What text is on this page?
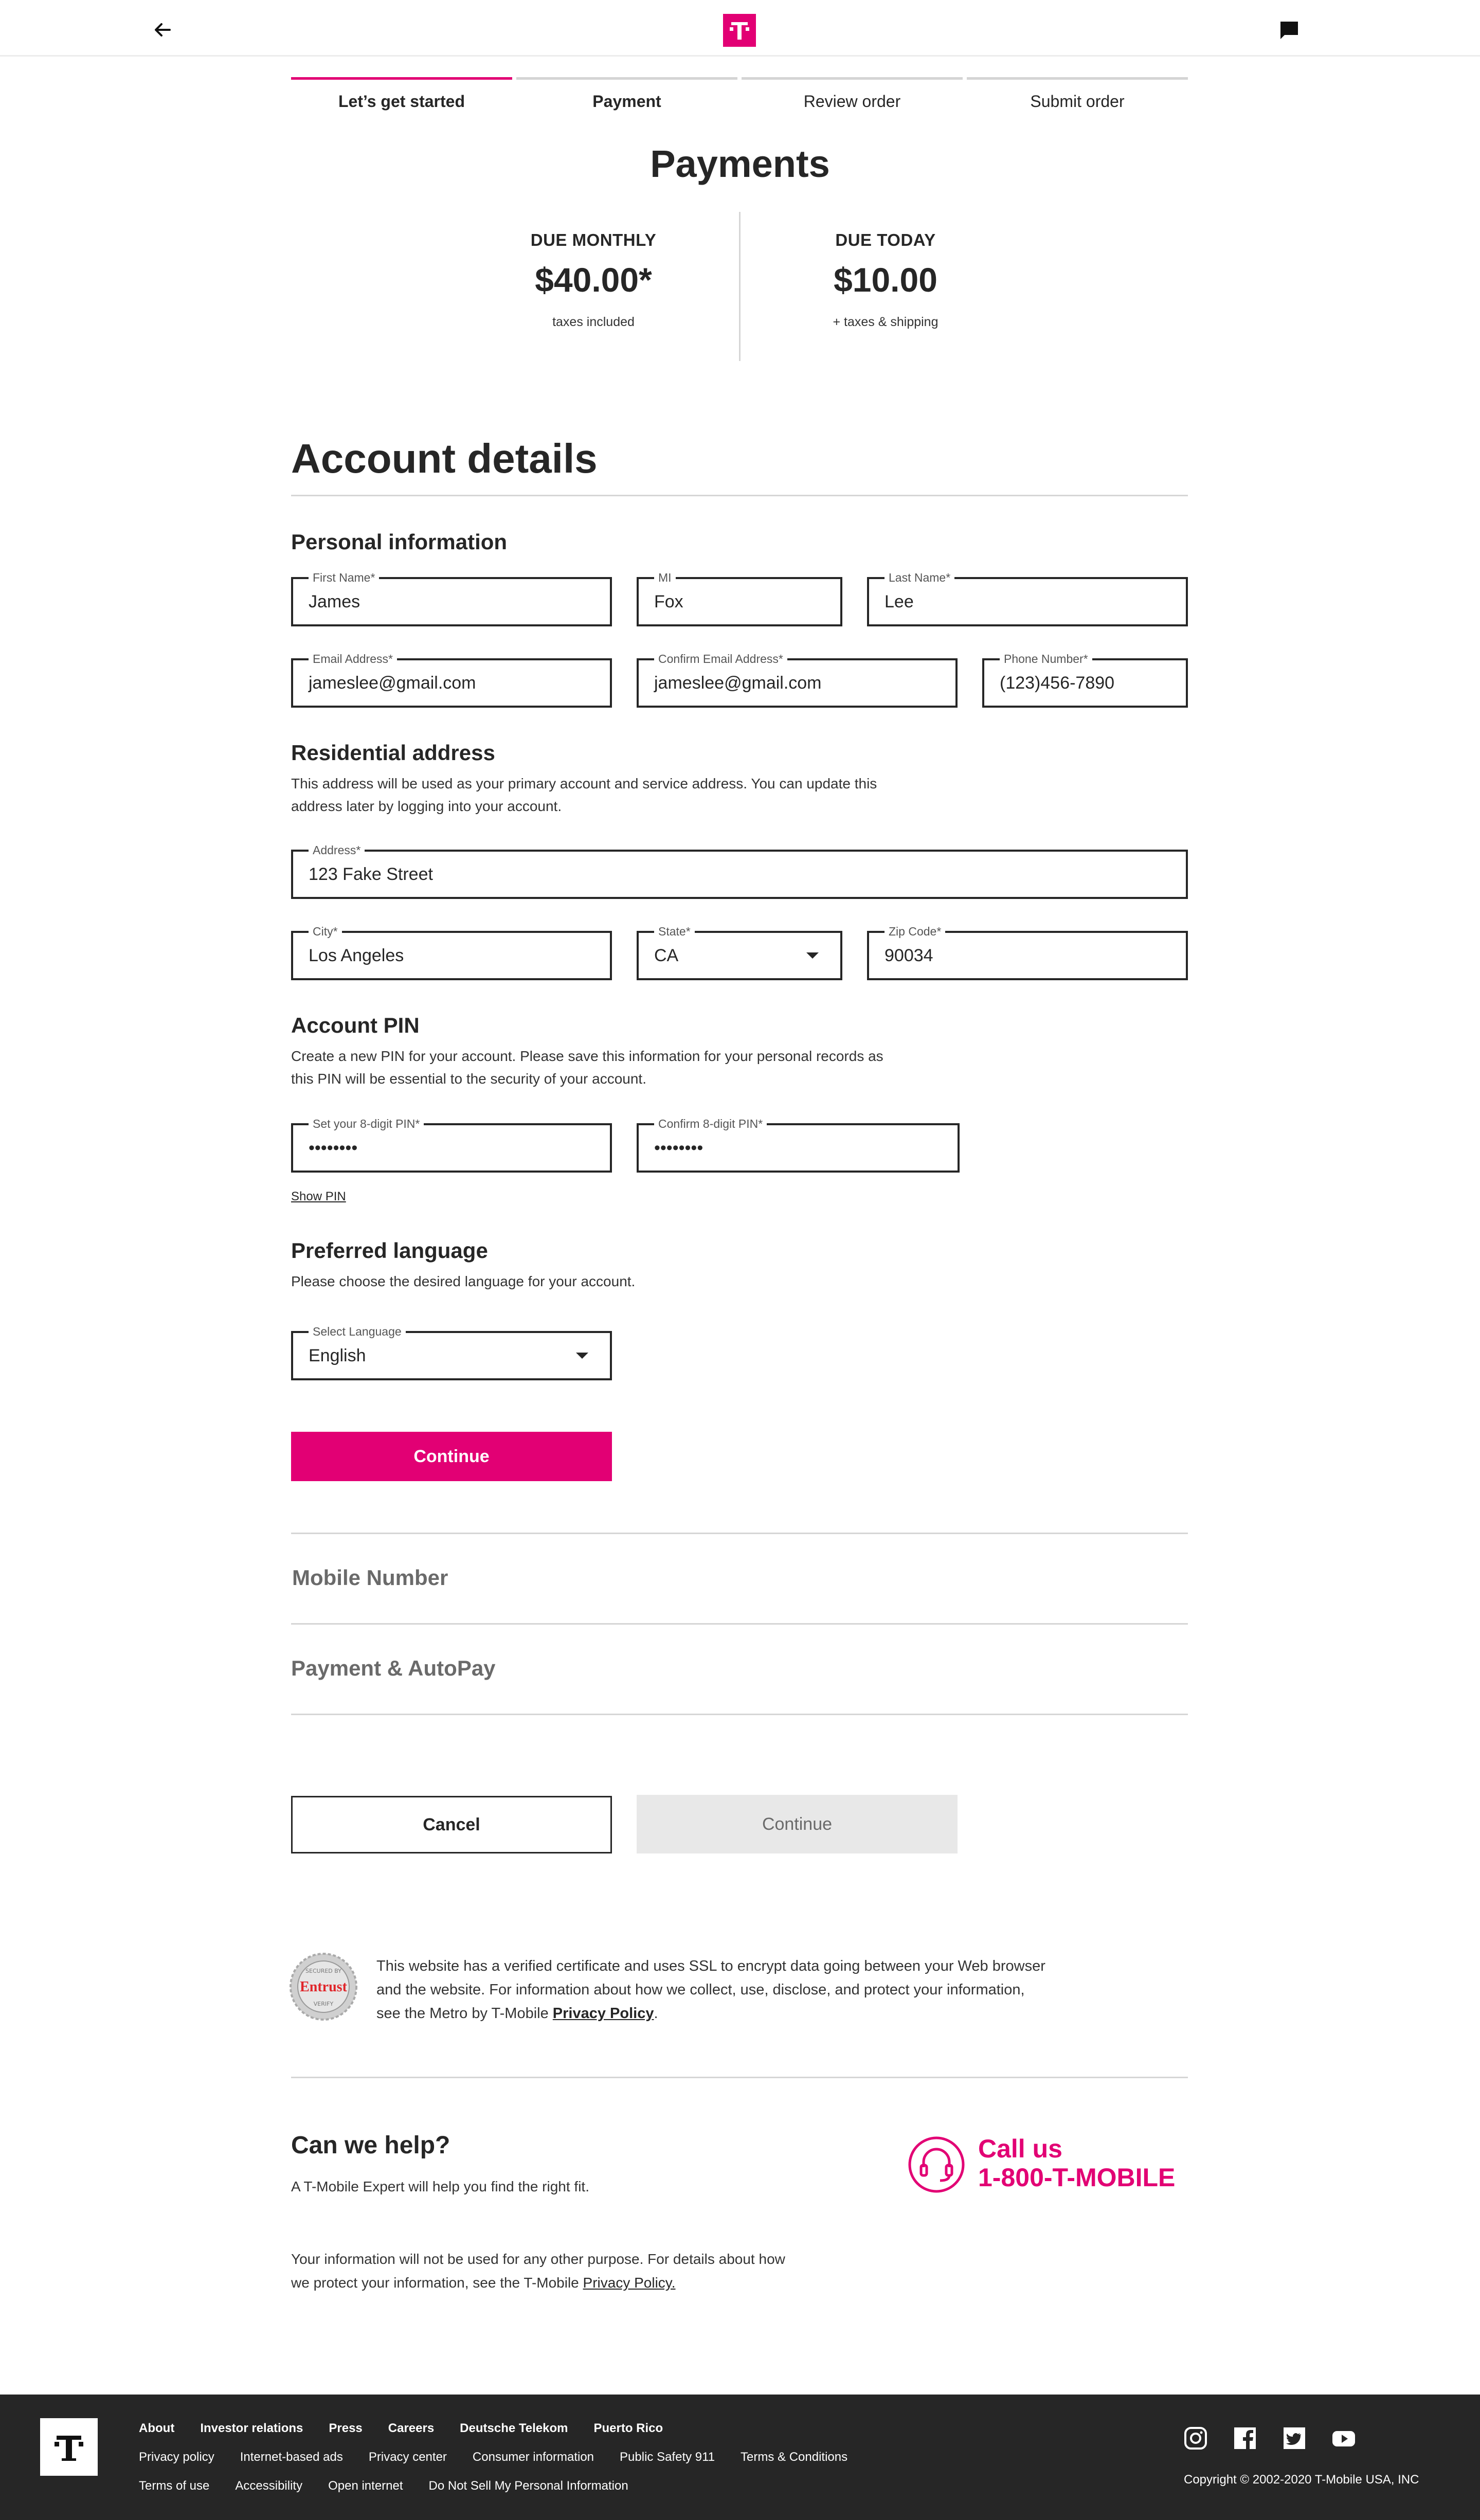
Let’s get started	Payment	Review order	Submit order
Payments
DUE MONTHLY
$40.00*
taxes included
DUE TODAY
$10.00
+ taxes & shipping
Account details
Personal information
First Name*
James
MI
Fox
Last Name*
Lee
Email Address*
jameslee@gmail.com
Confirm Email Address*
jameslee@gmail.com
Phone Number*
(123)456-7890
Residential address
This address will be used as your primary account and service address. You can update this
address later by logging into your account.
Address*
123 Fake Street
City*
Los Angeles
State*
CA
Zip Code*
90034
Account PIN
Create a new PIN for your account. Please save this information for your personal records as
this PIN will be essential to the security of your account.
Set your 8-digit PIN*
••••••••
Confirm 8-digit PIN*
••••••••
Show PIN
Preferred language
Please choose the desired language for your account.
Select Language
English
Continue
Mobile Number
Payment & AutoPay
Cancel	Continue
SECURED BY
Entrust
VERIFY
This website has a verified certificate and uses SSL to encrypt data going between your Web browser
and the website. For information about how we collect, use, disclose, and protect your information,
see the Metro by T-Mobile Privacy Policy.
Can we help?
A T-Mobile Expert will help you find the right fit.
Call us
1-800-T-MOBILE
Your information will not be used for any other purpose. For details about how
we protect your information, see the T-Mobile Privacy Policy.
About Investor relations Press Careers Deutsche Telekom Puerto Rico
Privacy policy Internet-based ads Privacy center Consumer information Public Safety 911 Terms & Conditions
Terms of use Accessibility Open internet Do Not Sell My Personal Information	Copyright © 2002-2020 T-Mobile USA, INC
